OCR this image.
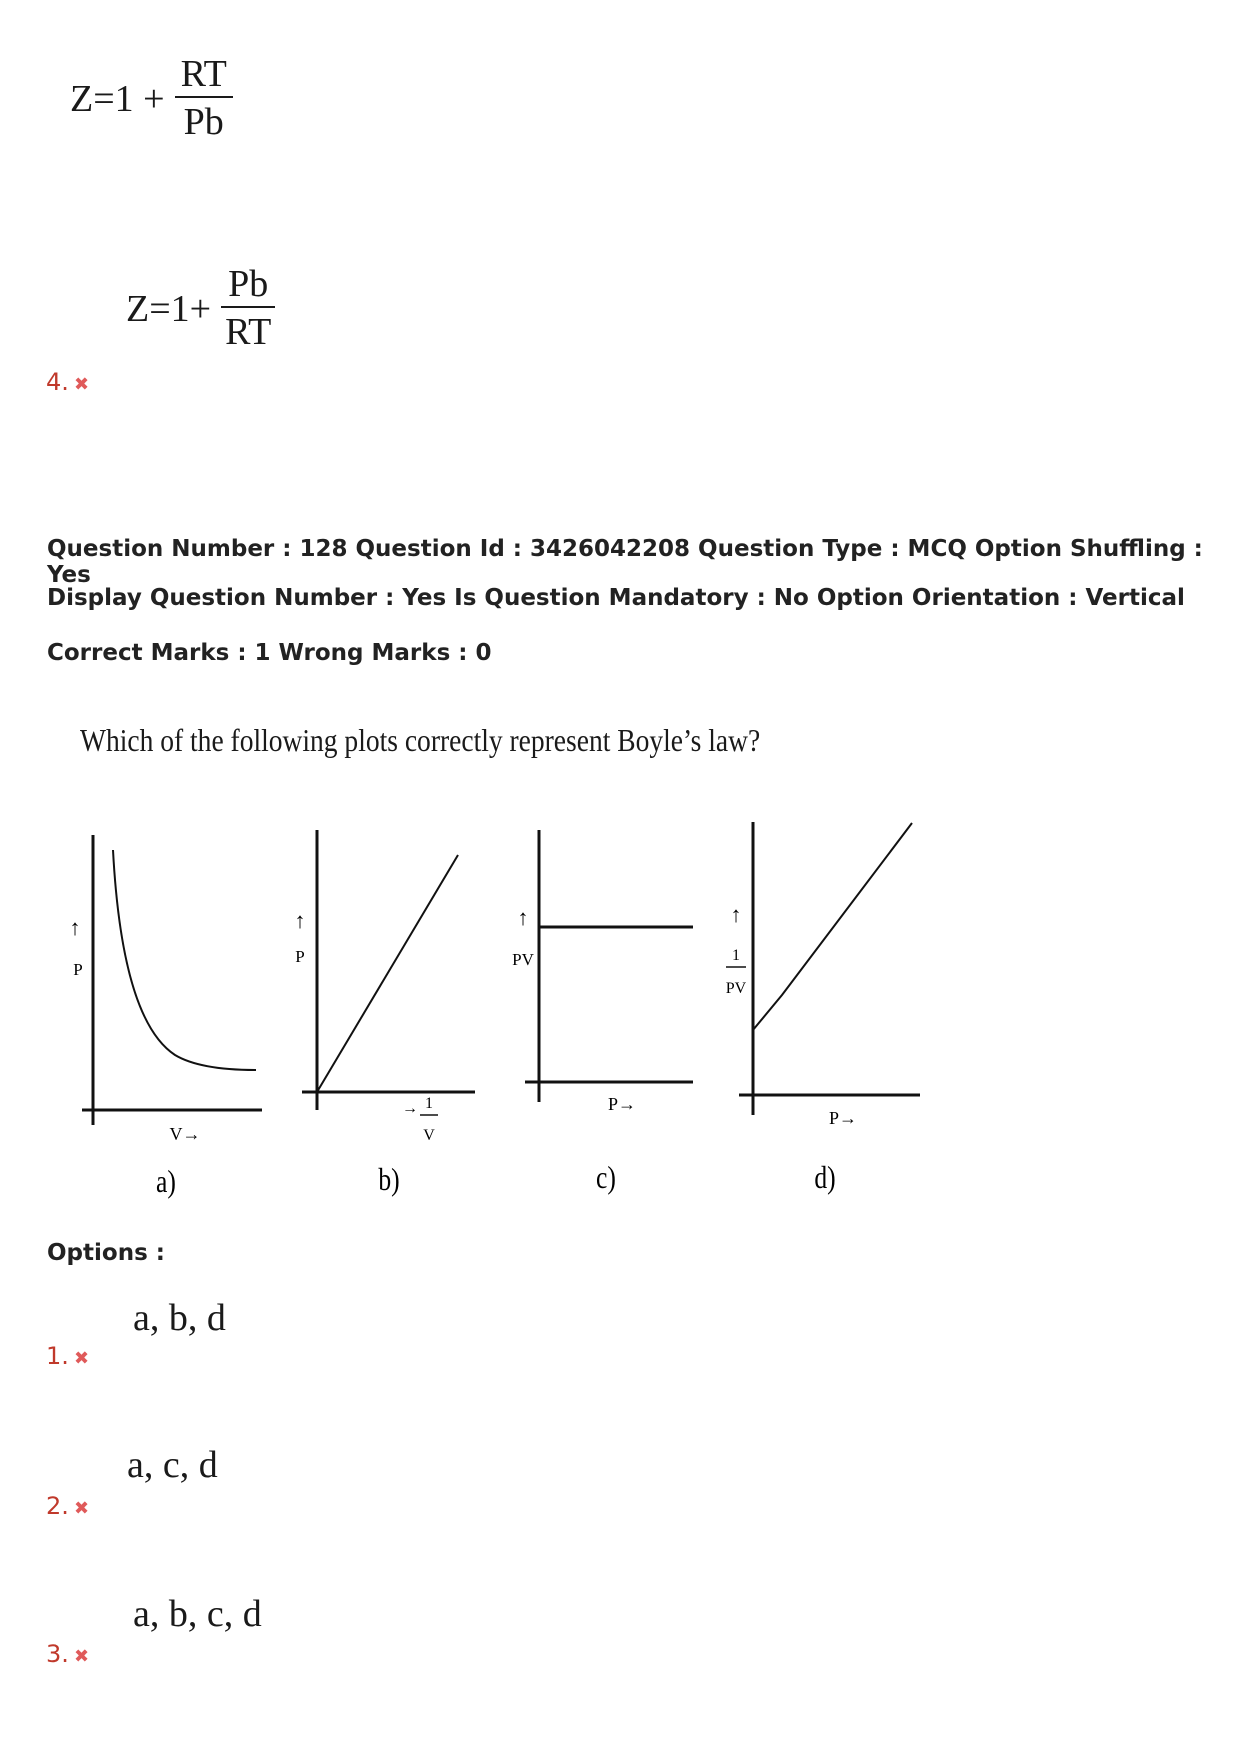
$Z=1 + \frac{RT}{Pb}$
$Z=1+ \frac{Pb}{RT}$
4. ✖
Question Number : 128 Question Id : 3426042208 Question Type : MCQ Option Shuffling : Yes
Display Question Number : Yes Is Question Mandatory : No Option Orientation : Vertical
Correct Marks : 1 Wrong Marks : 0
Which of the following plots correctly represent Boyle’s law?
↑
P
V→
a)
↑
P
→ 1
V
b)
↑
PV
P→
c)
↑
1
PV
P→
d)
Options :
a, b, d
1. ✖
a, c, d
2. ✖
a, b, c, d
3. ✖
